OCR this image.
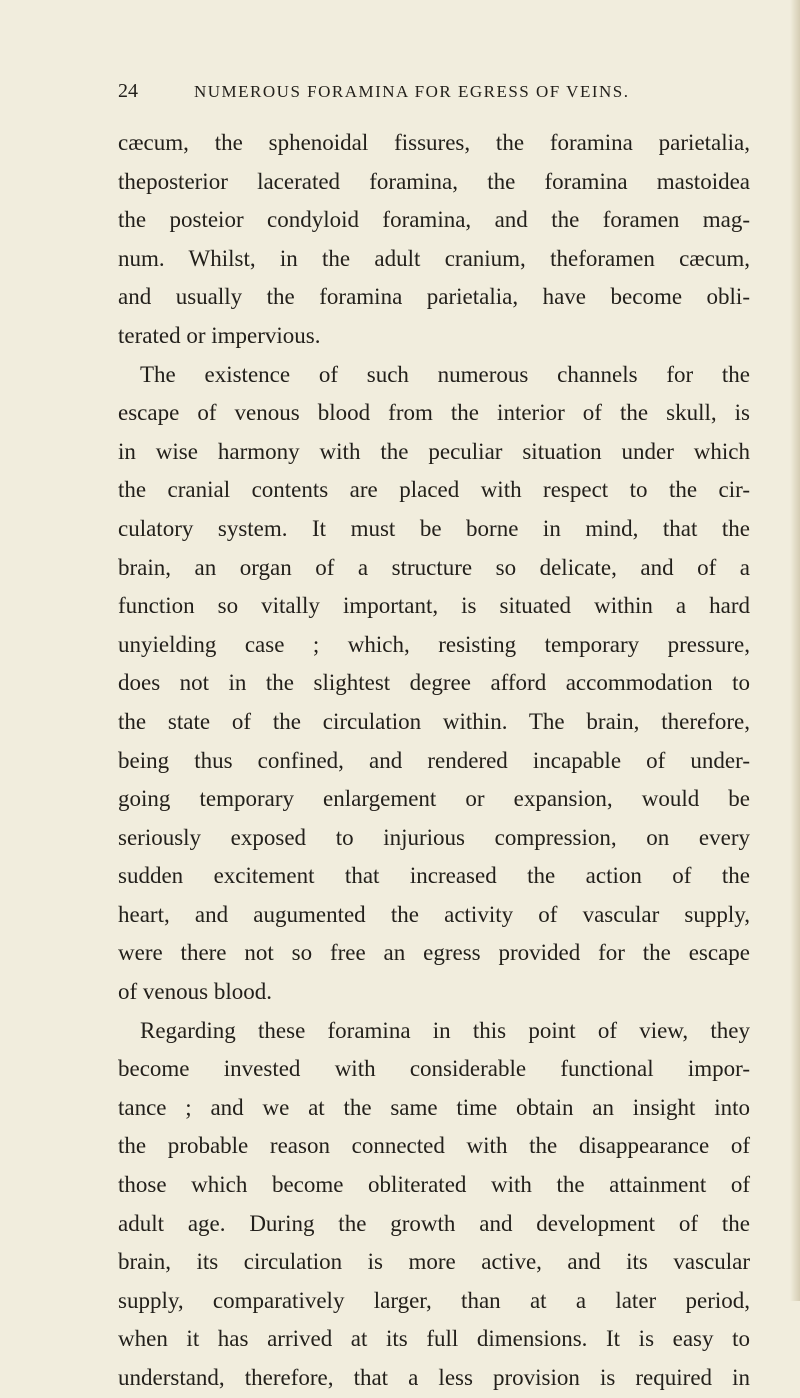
24	NUMEROUS FORAMINA FOR EGRESS OF VEINS.
cæcum, the sphenoidal fissures, the foramina parietalia,
theposterior lacerated foramina, the foramina mastoidea
the posteior condyloid foramina, and the foramen mag-
num. Whilst, in the adult cranium, theforamen cæcum,
and usually the foramina parietalia, have become obli-
terated or impervious.
The existence of such numerous channels for the
escape of venous blood from the interior of the skull, is
in wise harmony with the peculiar situation under which
the cranial contents are placed with respect to the cir-
culatory system. It must be borne in mind, that the
brain, an organ of a structure so delicate, and of a
function so vitally important, is situated within a hard
unyielding case ; which, resisting temporary pressure,
does not in the slightest degree afford accommodation to
the state of the circulation within. The brain, therefore,
being thus confined, and rendered incapable of under-
going temporary enlargement or expansion, would be
seriously exposed to injurious compression, on every
sudden excitement that increased the action of the
heart, and augumented the activity of vascular supply,
were there not so free an egress provided for the escape
of venous blood.
Regarding these foramina in this point of view, they
become invested with considerable functional impor-
tance ; and we at the same time obtain an insight into
the probable reason connected with the disappearance of
those which become obliterated with the attainment of
adult age. During the growth and development of the
brain, its circulation is more active, and its vascular
supply, comparatively larger, than at a later period,
when it has arrived at its full dimensions. It is easy to
understand, therefore, that a less provision is required in
